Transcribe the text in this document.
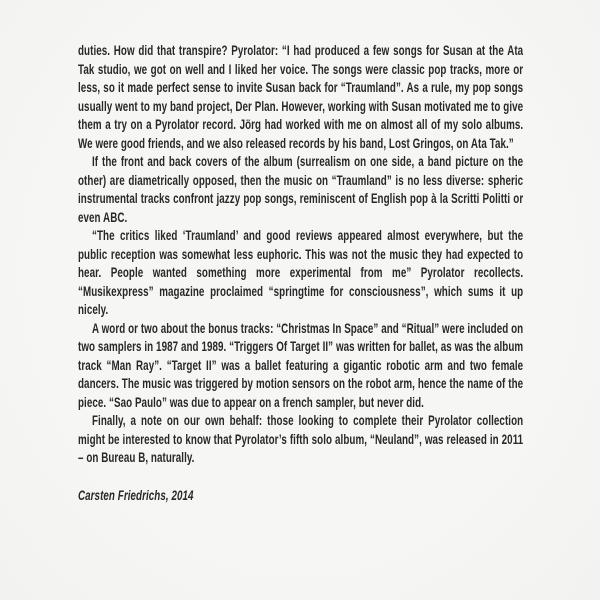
duties. How did that transpire? Pyrolator: “I had produced a few songs for Susan at the Ata Tak studio, we got on well and I liked her voice. The songs were classic pop tracks, more or less, so it made perfect sense to invite Susan back for “Traumland”. As a rule, my pop songs usually went to my band project, Der Plan. However, working with Susan motivated me to give them a try on a Pyrolator record. Jörg had worked with me on almost all of my solo albums. We were good friends, and we also released records by his band, Lost Gringos, on Ata Tak.”

If the front and back covers of the album (surrealism on one side, a band picture on the other) are diametrically opposed, then the music on “Traumland” is no less diverse: spheric instrumental tracks confront jazzy pop songs, reminiscent of English pop à la Scritti Politti or even ABC.

“The critics liked ‘Traumland’ and good reviews appeared almost everywhere, but the public reception was somewhat less euphoric. This was not the music they had expected to hear. People wanted something more experimental from me” Pyrolator recollects. “Musikexpress” magazine proclaimed “springtime for consciousness”, which sums it up nicely.

A word or two about the bonus tracks: “Christmas In Space” and “Ritual” were included on two samplers in 1987 and 1989. “Triggers Of Target II” was written for ballet, as was the album track “Man Ray”. “Target II” was a ballet featuring a gigantic robotic arm and two female dancers. The music was triggered by motion sensors on the robot arm, hence the name of the piece. “Sao Paulo” was due to appear on a french sampler, but never did.

Finally, a note on our own behalf: those looking to complete their Pyrolator collection might be interested to know that Pyrolator’s fifth solo album, “Neuland”, was released in 2011 – on Bureau B, naturally.

Carsten Friedrichs, 2014
